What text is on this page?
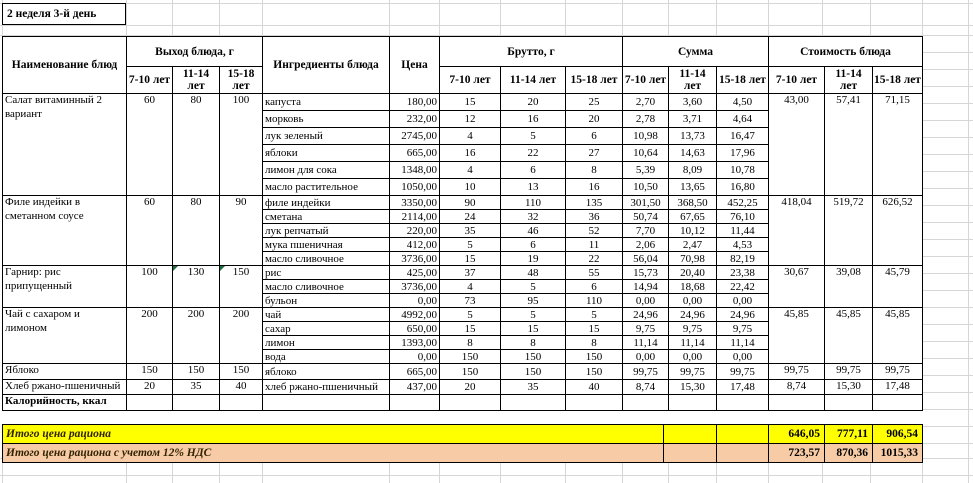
2 неделя 3-й день
Наименование блюд	Выход блюда, г			Ингредиенты блюда	Цена	Брутто, г			Сумма			Стоимость блюда		
	7-10 лет	11-14 лет	15-18 лет			7-10 лет	11-14 лет	15-18 лет	7-10 лет	11-14 лет	15-18 лет	7-10 лет	11-14 лет	15-18 лет
Салат витаминный 2 вариант	60	80	100	капуста	180,00	15	20	25	2,70	3,60	4,50	43,00	57,41	71,15
				морковь	232,00	12	16	20	2,78	3,71	4,64			
				лук зеленый	2745,00	4	5	6	10,98	13,73	16,47			
				яблоки	665,00	16	22	27	10,64	14,63	17,96			
				лимон для сока	1348,00	4	6	8	5,39	8,09	10,78			
				масло растительное	1050,00	10	13	16	10,50	13,65	16,80			
Филе индейки в сметанном соусе	60	80	90	филе индейки	3350,00	90	110	135	301,50	368,50	452,25	418,04	519,72	626,52
				сметана	2114,00	24	32	36	50,74	67,65	76,10			
				лук репчатый	220,00	35	46	52	7,70	10,12	11,44			
				мука пшеничная	412,00	5	6	11	2,06	2,47	4,53			
				масло сливочное	3736,00	15	19	22	56,04	70,98	82,19			
Гарнир: рис припущенный	100	130	150	рис	425,00	37	48	55	15,73	20,40	23,38	30,67	39,08	45,79
				масло сливочное	3736,00	4	5	6	14,94	18,68	22,42			
				бульон	0,00	73	95	110	0,00	0,00	0,00			
Чай с сахаром и лимоном	200	200	200	чай	4992,00	5	5	5	24,96	24,96	24,96	45,85	45,85	45,85
				сахар	650,00	15	15	15	9,75	9,75	9,75			
				лимон	1393,00	8	8	8	11,14	11,14	11,14			
				вода	0,00	150	150	150	0,00	0,00	0,00			
Яблоко	150	150	150	яблоко	665,00	150	150	150	99,75	99,75	99,75	99,75	99,75	99,75
Хлеб ржано-пшеничный	20	35	40	хлеб ржано-пшеничный	437,00	20	35	40	8,74	15,30	17,48	8,74	15,30	17,48
Калорийность, ккал														
Итого цена рациона			646,05	777,11	906,54
Итого цена рациона с учетом 12% НДС			723,57	870,36	1015,33
